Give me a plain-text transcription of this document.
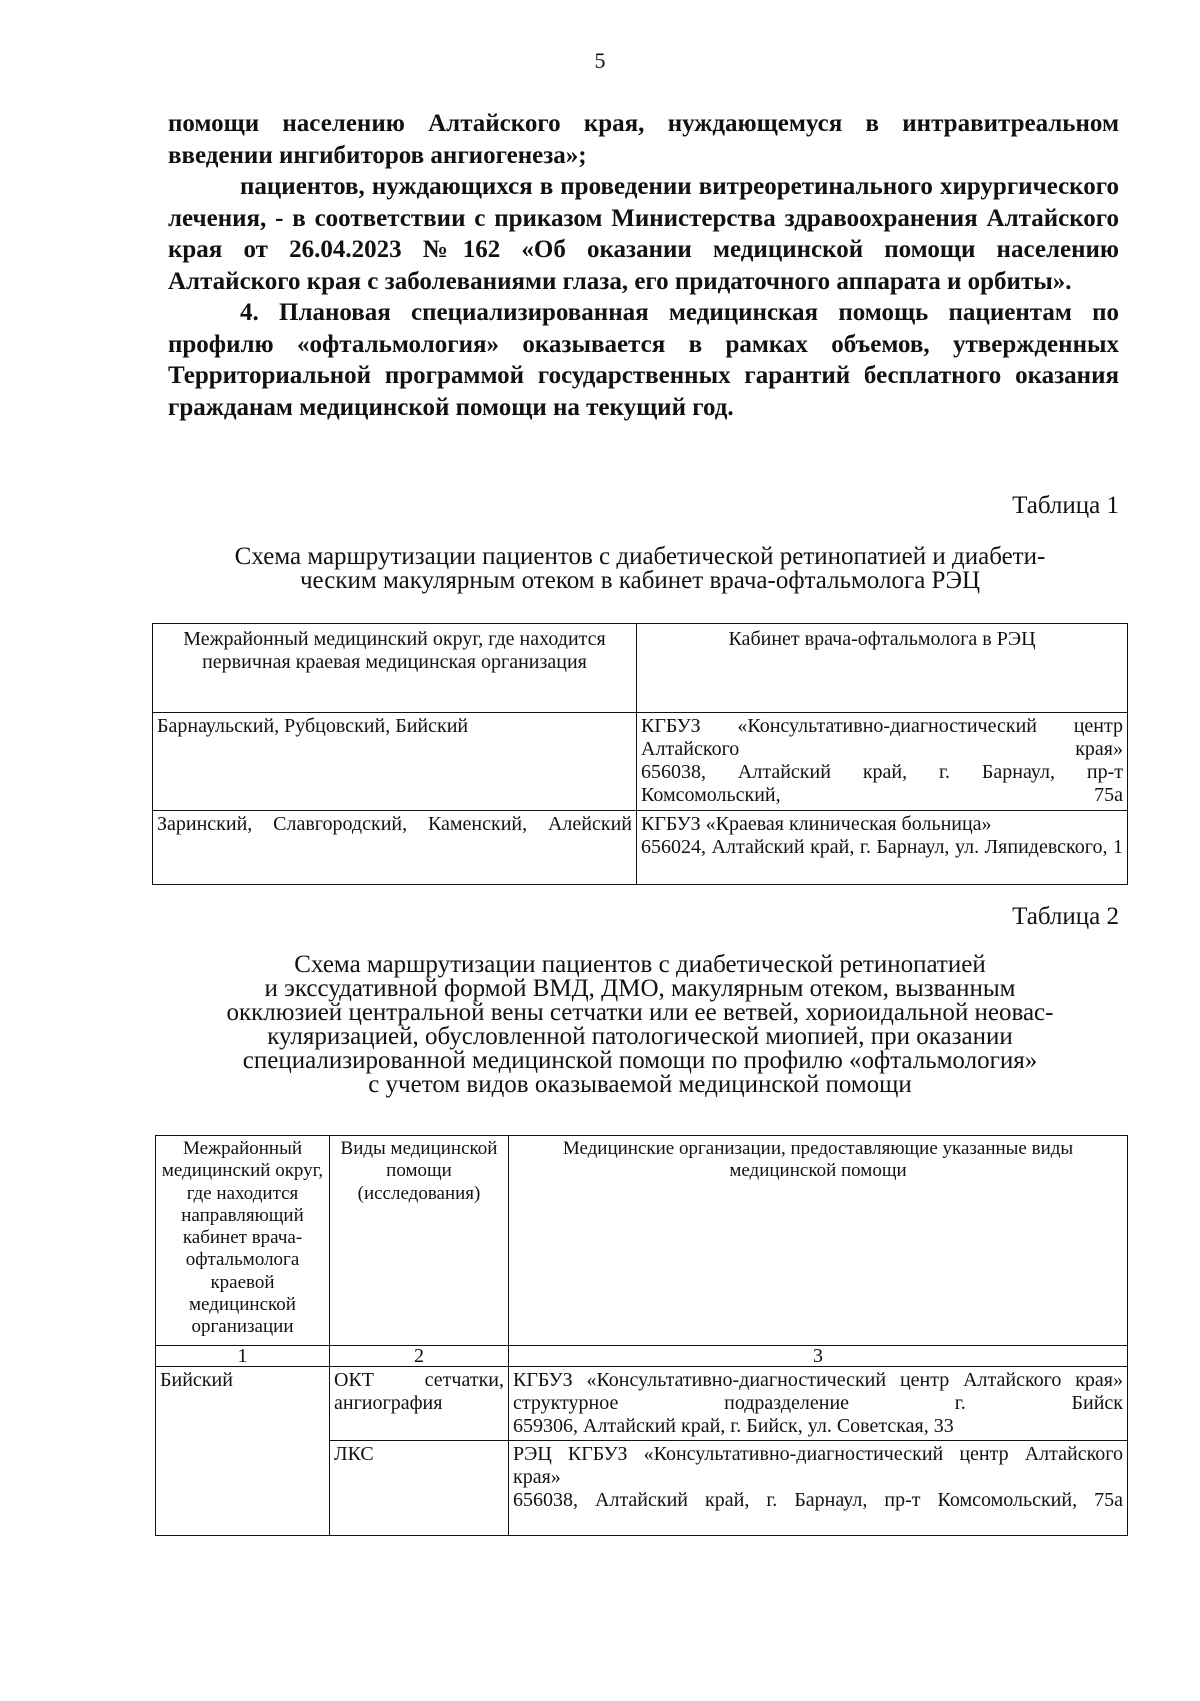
5

помощи населению Алтайского края, нуждающемуся в интравитреальном введении ингибиторов ангиогенеза»;

пациентов, нуждающихся в проведении витреоретинального хирургического лечения, - в соответствии с приказом Министерства здравоохранения Алтайского края от 26.04.2023 №162 «Об оказании медицинской помощи населению Алтайского края с заболеваниями глаза, его придаточного аппарата и орбиты».

4. Плановая специализированная медицинская помощь пациентам по профилю «офтальмология» оказывается в рамках объемов, утвержденных Территориальной программой государственных гарантий бесплатного оказания гражданам медицинской помощи на текущий год.

Таблица 1
Схема маршрутизации пациентов с диабетической ретинопатией и диабети-
ческим макулярным отеком в кабинет врача-офтальмолога РЭЦ
Межрайонный медицинский округ, где находится первичная краевая медицинская организация	Кабинет врача-офтальмолога в РЭЦ
Барнаульский, Рубцовский, Бийский	КГБУЗ «Консультативно-диагностический центр Алтайского края»
656038, Алтайский край, г. Барнаул, пр-т Комсомольский, 75а

Заринский, Славгородский, Каменский, Алейский	КГБУЗ «Краевая клиническая больница»
656024, Алтайский край, г. Барнаул, ул. Ляпидевского, 1
Таблица 2
Схема маршрутизации пациентов с диабетической ретинопатией
и экссудативной формой ВМД, ДМО, макулярным отеком, вызванным
окклюзией центральной вены сетчатки или ее ветвей, хориоидальной неовас-
куляризацией, обусловленной патологической миопией, при оказании
специализированной медицинской помощи по профилю «офтальмология»
с учетом видов оказываемой медицинской помощи
Межрайонный медицинский округ, где находится направляющий кабинет врача-офтальмолога краевой медицинской организации	Виды медицинской помощи (исследования)	Медицинские организации, предоставляющие указанные виды медицинской помощи
1	2	3
Бийский	ОКТ сетчатки, ангиография	КГБУЗ «Консультативно-диагностический центр Алтайского края» структурное подразделение г. Бийск
659306, Алтайский край, г. Бийск, ул. Советская, 33

	ЛКС	РЭЦ КГБУЗ «Консультативно-диагностический центр Алтайского края»
656038, Алтайский край, г. Барнаул, пр-т Комсомольский, 75а
